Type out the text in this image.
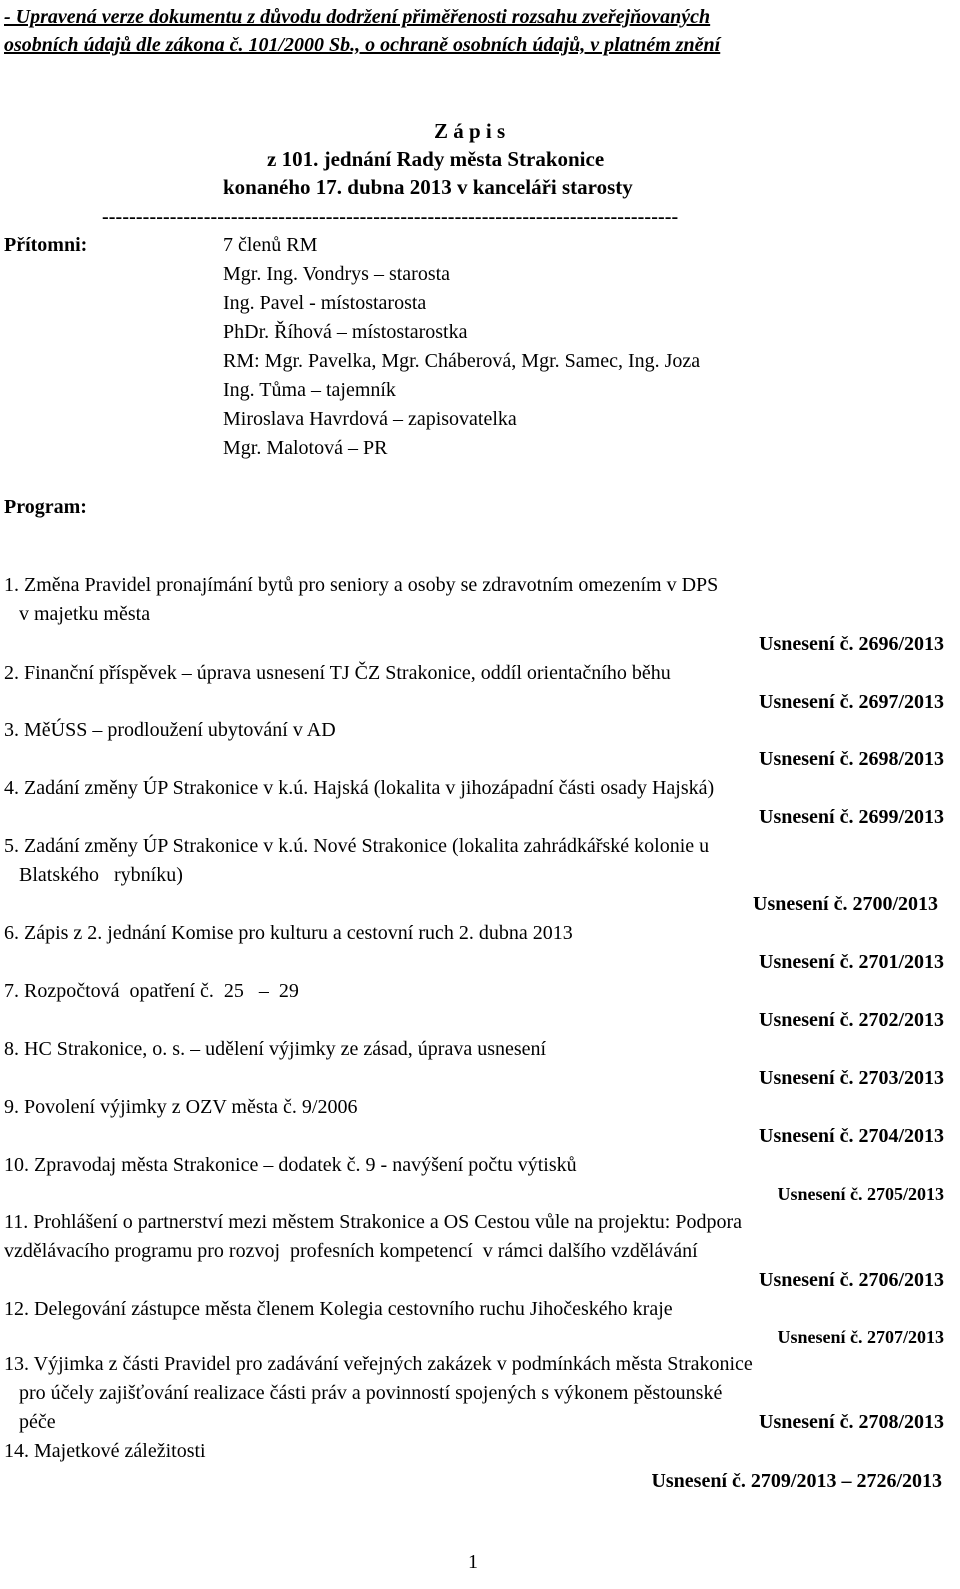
- Upravená verze dokumentu z důvodu dodržení přiměřenosti rozsahu zveřejňovaných
osobních údajů dle zákona č. 101/2000 Sb., o ochraně osobních údajů, v platném znění
Z á p i s
z 101. jednání Rady města Strakonice
konaného 17. dubna 2013 v kanceláři starosty
-------------------------------------------------------------------------------------
Přítomni:	7 členů RM
Mgr. Ing. Vondrys – starosta
Ing. Pavel - místostarosta
PhDr. Říhová – místostarostka
RM: Mgr. Pavelka, Mgr. Cháberová, Mgr. Samec, Ing. Joza
Ing. Tůma – tajemník
Miroslava Havrdová – zapisovatelka
Mgr. Malotová – PR
Program:
1. Změna Pravidel pronajímání bytů pro seniory a osoby se zdravotním omezením v DPS
v majetku města
Usnesení č. 2696/2013
2. Finanční příspěvek – úprava usnesení TJ ČZ Strakonice, oddíl orientačního běhu
Usnesení č. 2697/2013
3. MěÚSS – prodloužení ubytování v AD
Usnesení č. 2698/2013
4. Zadání změny ÚP Strakonice v k.ú. Hajská (lokalita v jihozápadní části osady Hajská)
Usnesení č. 2699/2013
5. Zadání změny ÚP Strakonice v k.ú. Nové Strakonice (lokalita zahrádkářské kolonie u
Blatského   rybníku)
Usnesení č. 2700/2013
6. Zápis z 2. jednání Komise pro kulturu a cestovní ruch 2. dubna 2013
Usnesení č. 2701/2013
7. Rozpočtová  opatření č.  25   –  29
Usnesení č. 2702/2013
8. HC Strakonice, o. s. – udělení výjimky ze zásad, úprava usnesení
Usnesení č. 2703/2013
9. Povolení výjimky z OZV města č. 9/2006
Usnesení č. 2704/2013
10. Zpravodaj města Strakonice – dodatek č. 9 - navýšení počtu výtisků
Usnesení č. 2705/2013
11. Prohlášení o partnerství mezi městem Strakonice a OS Cestou vůle na projektu: Podpora
vzdělávacího programu pro rozvoj  profesních kompetencí  v rámci dalšího vzdělávání
Usnesení č. 2706/2013
12. Delegování zástupce města členem Kolegia cestovního ruchu Jihočeského kraje
Usnesení č. 2707/2013
13. Výjimka z části Pravidel pro zadávání veřejných zakázek v podmínkách města Strakonice
pro účely zajišťování realizace části práv a povinností spojených s výkonem pěstounské
péče	Usnesení č. 2708/2013
14. Majetkové záležitosti
Usnesení č. 2709/2013 – 2726/2013
1
